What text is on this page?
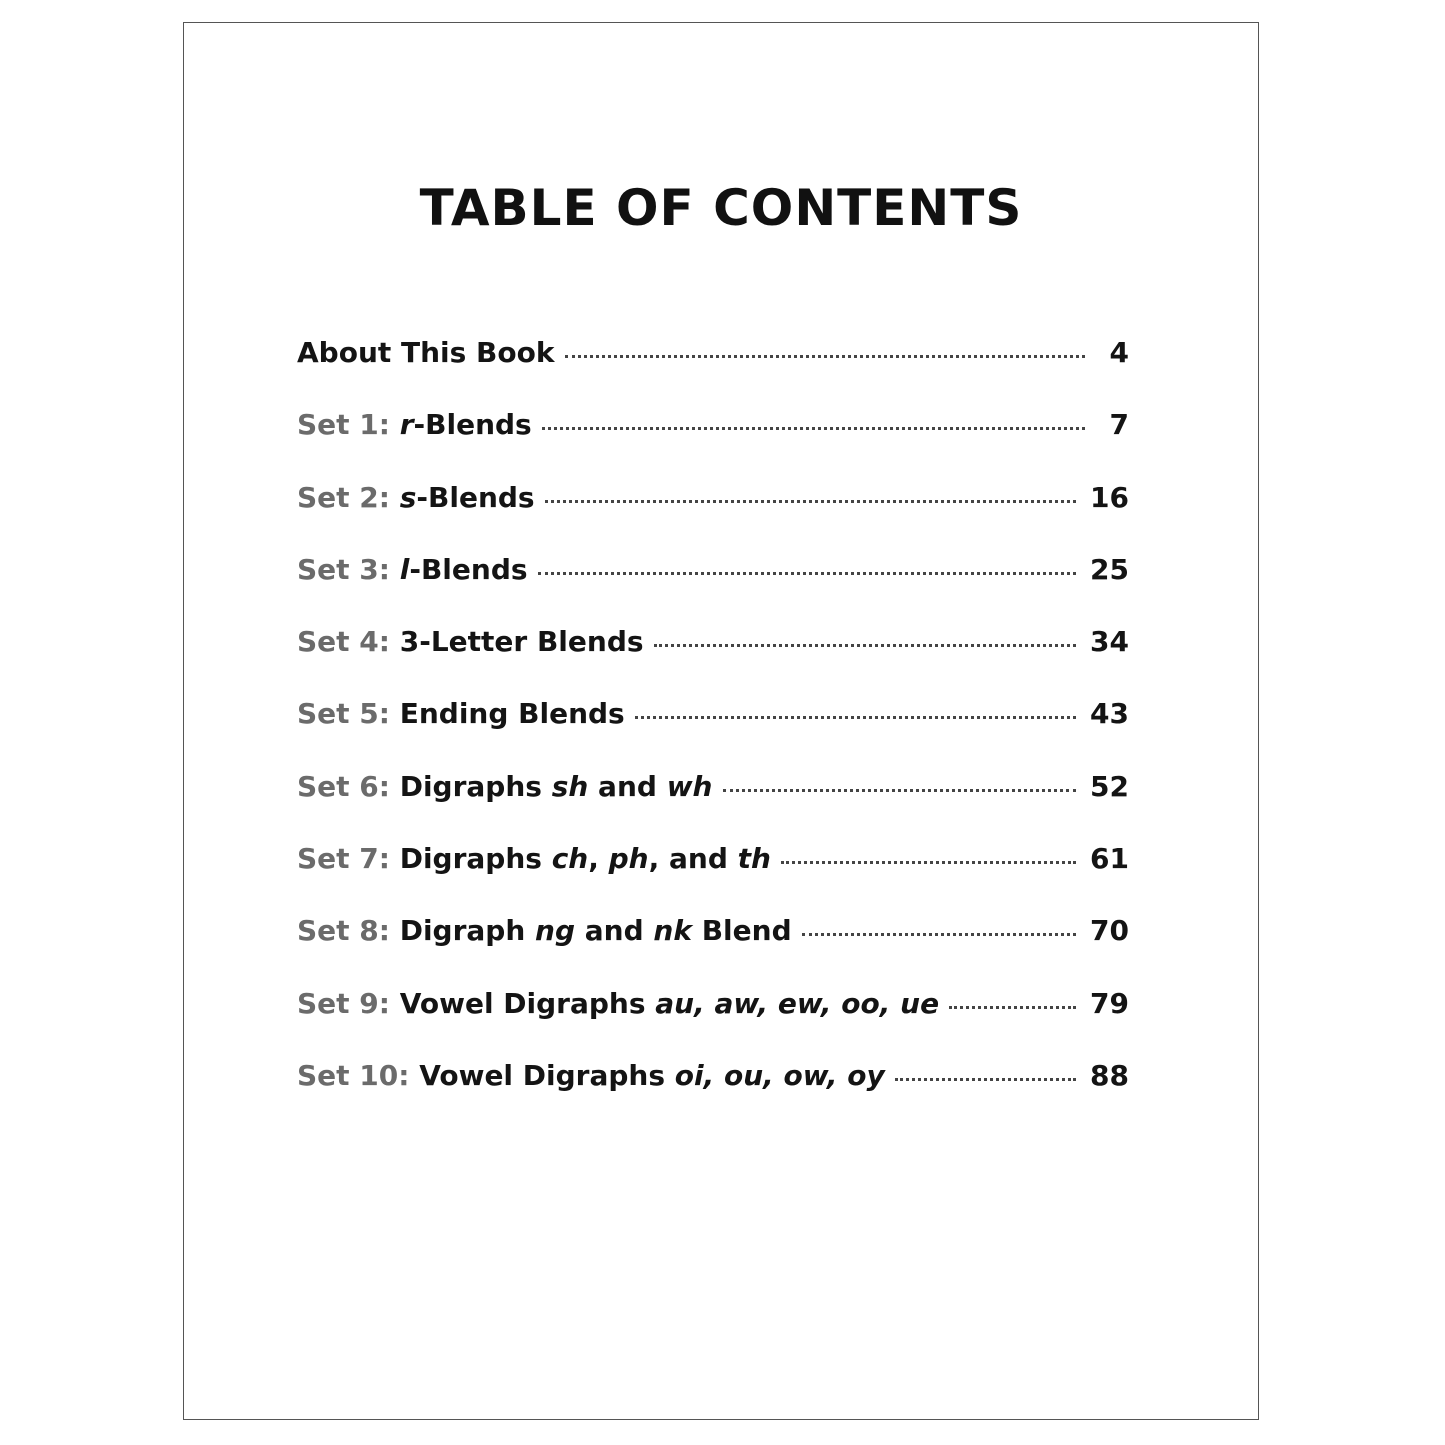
TABLE OF CONTENTS
About This Book	4
Set 1: r-Blends	7
Set 2: s-Blends	16
Set 3: l-Blends	25
Set 4: 3-Letter Blends	34
Set 5: Ending Blends	43
Set 6: Digraphs sh and wh	52
Set 7: Digraphs ch, ph, and th	61
Set 8: Digraph ng and nk Blend	70
Set 9: Vowel Digraphs au, aw, ew, oo, ue	79
Set 10: Vowel Digraphs oi, ou, ow, oy	88
